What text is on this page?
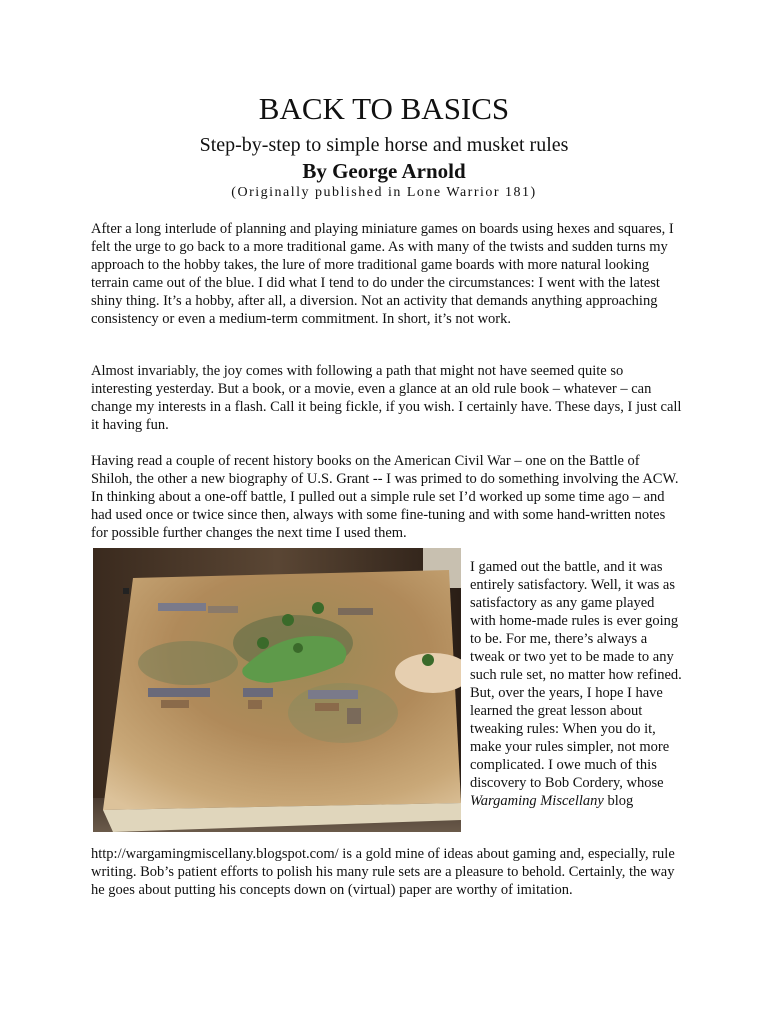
BACK TO BASICS
Step-by-step to simple horse and musket rules
By George Arnold
(Originally published in Lone Warrior 181)

After a long interlude of planning and playing miniature games on boards using hexes and squares, I felt the urge to go back to a more traditional game. As with many of the twists and sudden turns my approach to the hobby takes, the lure of more traditional game boards with more natural looking terrain came out of the blue. I did what I tend to do under the circumstances: I went with the latest shiny thing. It’s a hobby, after all, a diversion. Not an activity that demands anything approaching consistency or even a medium-term commitment. In short, it’s not work.

Almost invariably, the joy comes with following a path that might not have seemed quite so interesting yesterday. But a book, or a movie, even a glance at an old rule book – whatever – can change my interests in a flash. Call it being fickle, if you wish. I certainly have. These days, I just call it having fun.

Having read a couple of recent history books on the American Civil War – one on the Battle of Shiloh, the other a new biography of U.S. Grant -- I was primed to do something involving the ACW. In thinking about a one-off battle, I pulled out a simple rule set I’d worked up some time ago – and had used once or twice since then, always with some fine-tuning and with some hand-written notes for possible further changes the next time I used them.

I gamed out the battle, and it was entirely satisfactory. Well, it was as satisfactory as any game played with home-made rules is ever going to be. For me, there’s always a tweak or two yet to be made to any such rule set, no matter how refined. But, over the years, I hope I have learned the great lesson about tweaking rules: When you do it, make your rules simpler, not more complicated. I owe much of this discovery to Bob Cordery, whose Wargaming Miscellany blog

http://wargamingmiscellany.blogspot.com/ is a gold mine of ideas about gaming and, especially, rule writing. Bob’s patient efforts to polish his many rule sets are a pleasure to behold. Certainly, the way he goes about putting his concepts down on (virtual) paper are worthy of imitation.
